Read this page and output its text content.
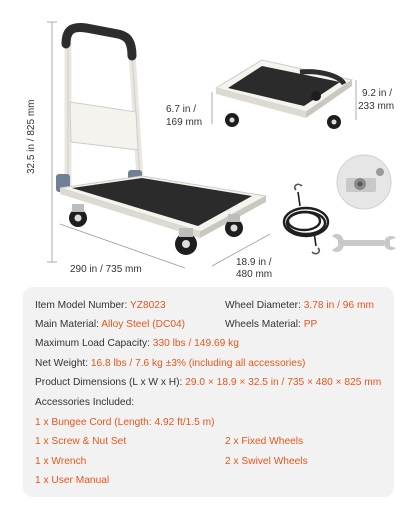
32.5 in / 825 mm
290 in / 735 mm
18.9 in /
480 mm
6.7 in /
169 mm
9.2 in /
233 mm
Item Model Number: YZ8023	Wheel Diameter: 3.78 in / 96 mm
Main Material: Alloy Steel (DC04)	Wheels Material: PP
Maximum Load Capacity: 330 lbs / 149.69 kg
Net Weight: 16.8 lbs / 7.6 kg ±3% (including all accessories)
Product Dimensions (L x W x H): 29.0 × 18.9 × 32.5 in / 735 × 480 × 825 mm
Accessories Included:
1 x Bungee Cord (Length: 4.92 ft/1.5 m)
1 x Screw & Nut Set	2 x Fixed Wheels
1 x Wrench	2 x Swivel Wheels
1 x User Manual
